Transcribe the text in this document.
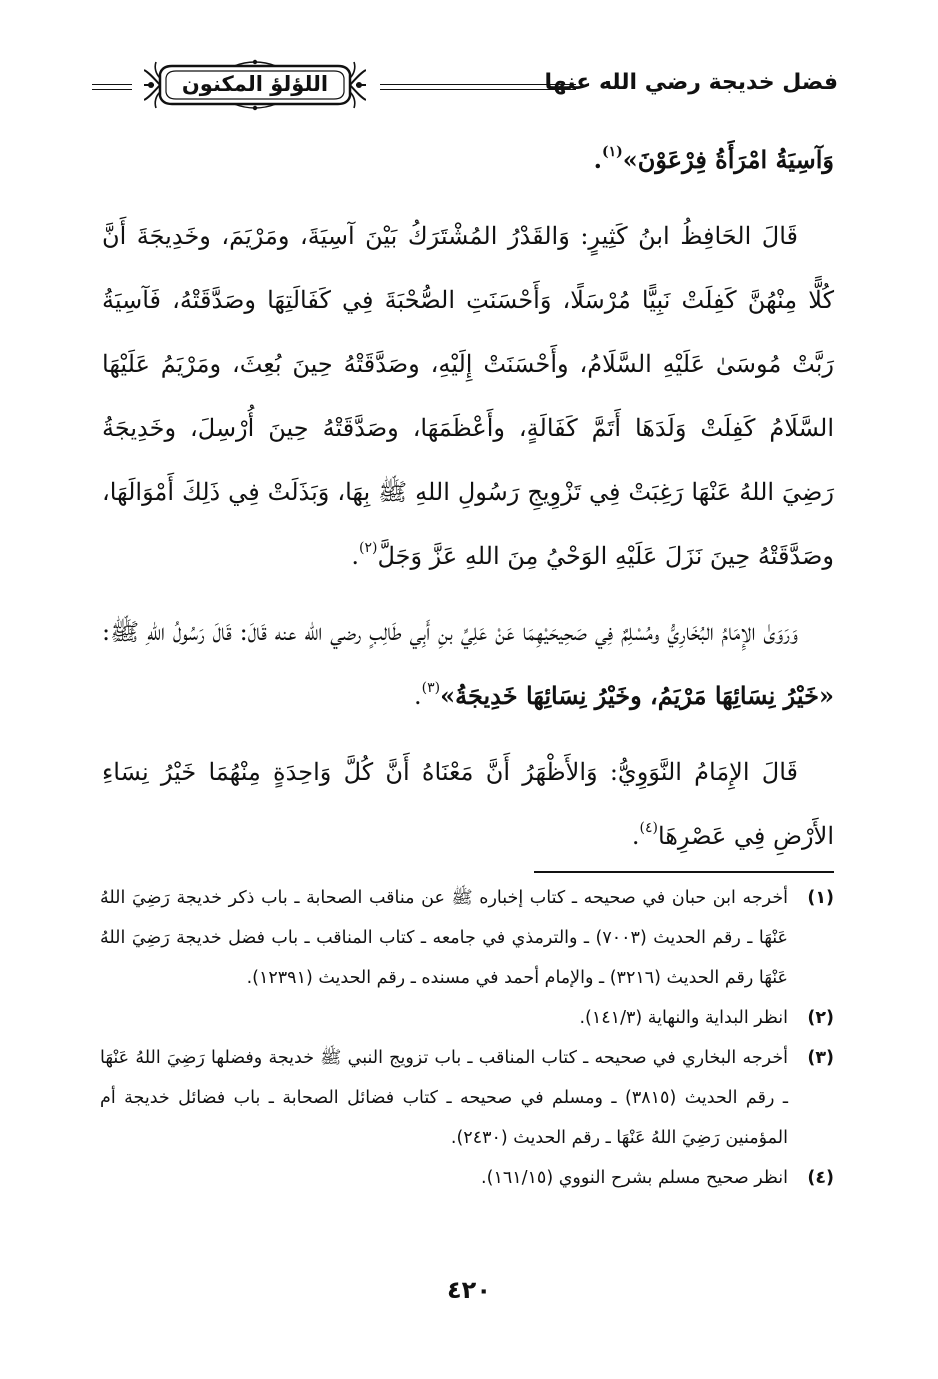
فضل خديجة رضي الله عنها
اللؤلؤ المكنون

وَآسِيَةُ امْرَأَةُ فِرْعَوْنَ»$^{(١)}$.

قَالَ الحَافِظُ ابنُ كَثِيرٍ: وَالقَدْرُ المُشْتَرَكُ بَيْنَ آسِيَةَ، ومَرْيَمَ، وخَدِيجَةَ أَنَّ كُلًّا مِنْهُنَّ كَفِلَتْ نَبِيًّا مُرْسَلًا، وَأَحْسَنَتِ الصُّحْبَةَ فِي كَفَالَتِهَا وصَدَّقَتْهُ، فَآسِيَةُ رَبَّتْ مُوسَىٰ عَلَيْهِ السَّلَامُ، وأَحْسَنَتْ إِلَيْهِ، وصَدَّقَتْهُ حِينَ بُعِثَ، ومَرْيَمُ عَلَيْهَا السَّلَامُ كَفِلَتْ وَلَدَهَا أَتَمَّ كَفَالَةٍ، وأَعْظَمَهَا، وصَدَّقَتْهُ حِينَ أُرْسِلَ، وخَدِيجَةُ رَضِيَ اللهُ عَنْهَا رَغِبَتْ فِي تَزْوِيجِ رَسُولِ اللهِ ﷺ بِهَا، وَبَذَلَتْ فِي ذَلِكَ أَمْوَالَهَا، وصَدَّقَتْهُ حِينَ نَزَلَ عَلَيْهِ الوَحْيُ مِنَ اللهِ عَزَّ وَجَلَّ$^{(٢)}$.

وَرَوَىٰ الإِمَامُ البُخَارِيُّ ومُسْلِمٌ فِي صَحِيحَيْهِمَا عَنْ عَلِيِّ بنِ أَبِي طَالِبٍ رضي الله عنه قَالَ: قَالَ رَسُولُ اللهِ ﷺ: «خَيْرُ نِسَائِهَا مَرْيَمُ، وخَيْرُ نِسَائِهَا خَدِيجَةُ»$^{(٣)}$.

قَالَ الإِمَامُ النَّوَوِيُّ: وَالأَظْهَرُ أَنَّ مَعْنَاهُ أَنَّ كُلَّ وَاحِدَةٍ مِنْهُمَا خَيْرُ نِسَاءِ الأَرْضِ فِي عَصْرِهَا$^{(٤)}$.

(١)
أخرجه ابن حبان في صحيحه ـ كتاب إخباره ﷺ عن مناقب الصحابة ـ باب ذكر خديجة رَضِيَ اللهُ عَنْهَا ـ رقم الحديث (٧٠٠٣) ـ والترمذي في جامعه ـ كتاب المناقب ـ باب فضل خديجة رَضِيَ اللهُ عَنْهَا رقم الحديث (٣٢١٦) ـ والإمام أحمد في مسنده ـ رقم الحديث (١٢٣٩١).
(٢)
انظر البداية والنهاية (١٤١/٣).
(٣)
أخرجه البخاري في صحيحه ـ كتاب المناقب ـ باب تزويج النبي ﷺ خديجة وفضلها رَضِيَ اللهُ عَنْهَا ـ رقم الحديث (٣٨١٥) ـ ومسلم في صحيحه ـ كتاب فضائل الصحابة ـ باب فضائل خديجة أم المؤمنين رَضِيَ اللهُ عَنْهَا ـ رقم الحديث (٢٤٣٠).
(٤)
انظر صحيح مسلم بشرح النووي (١٦١/١٥).
٤٢٠
